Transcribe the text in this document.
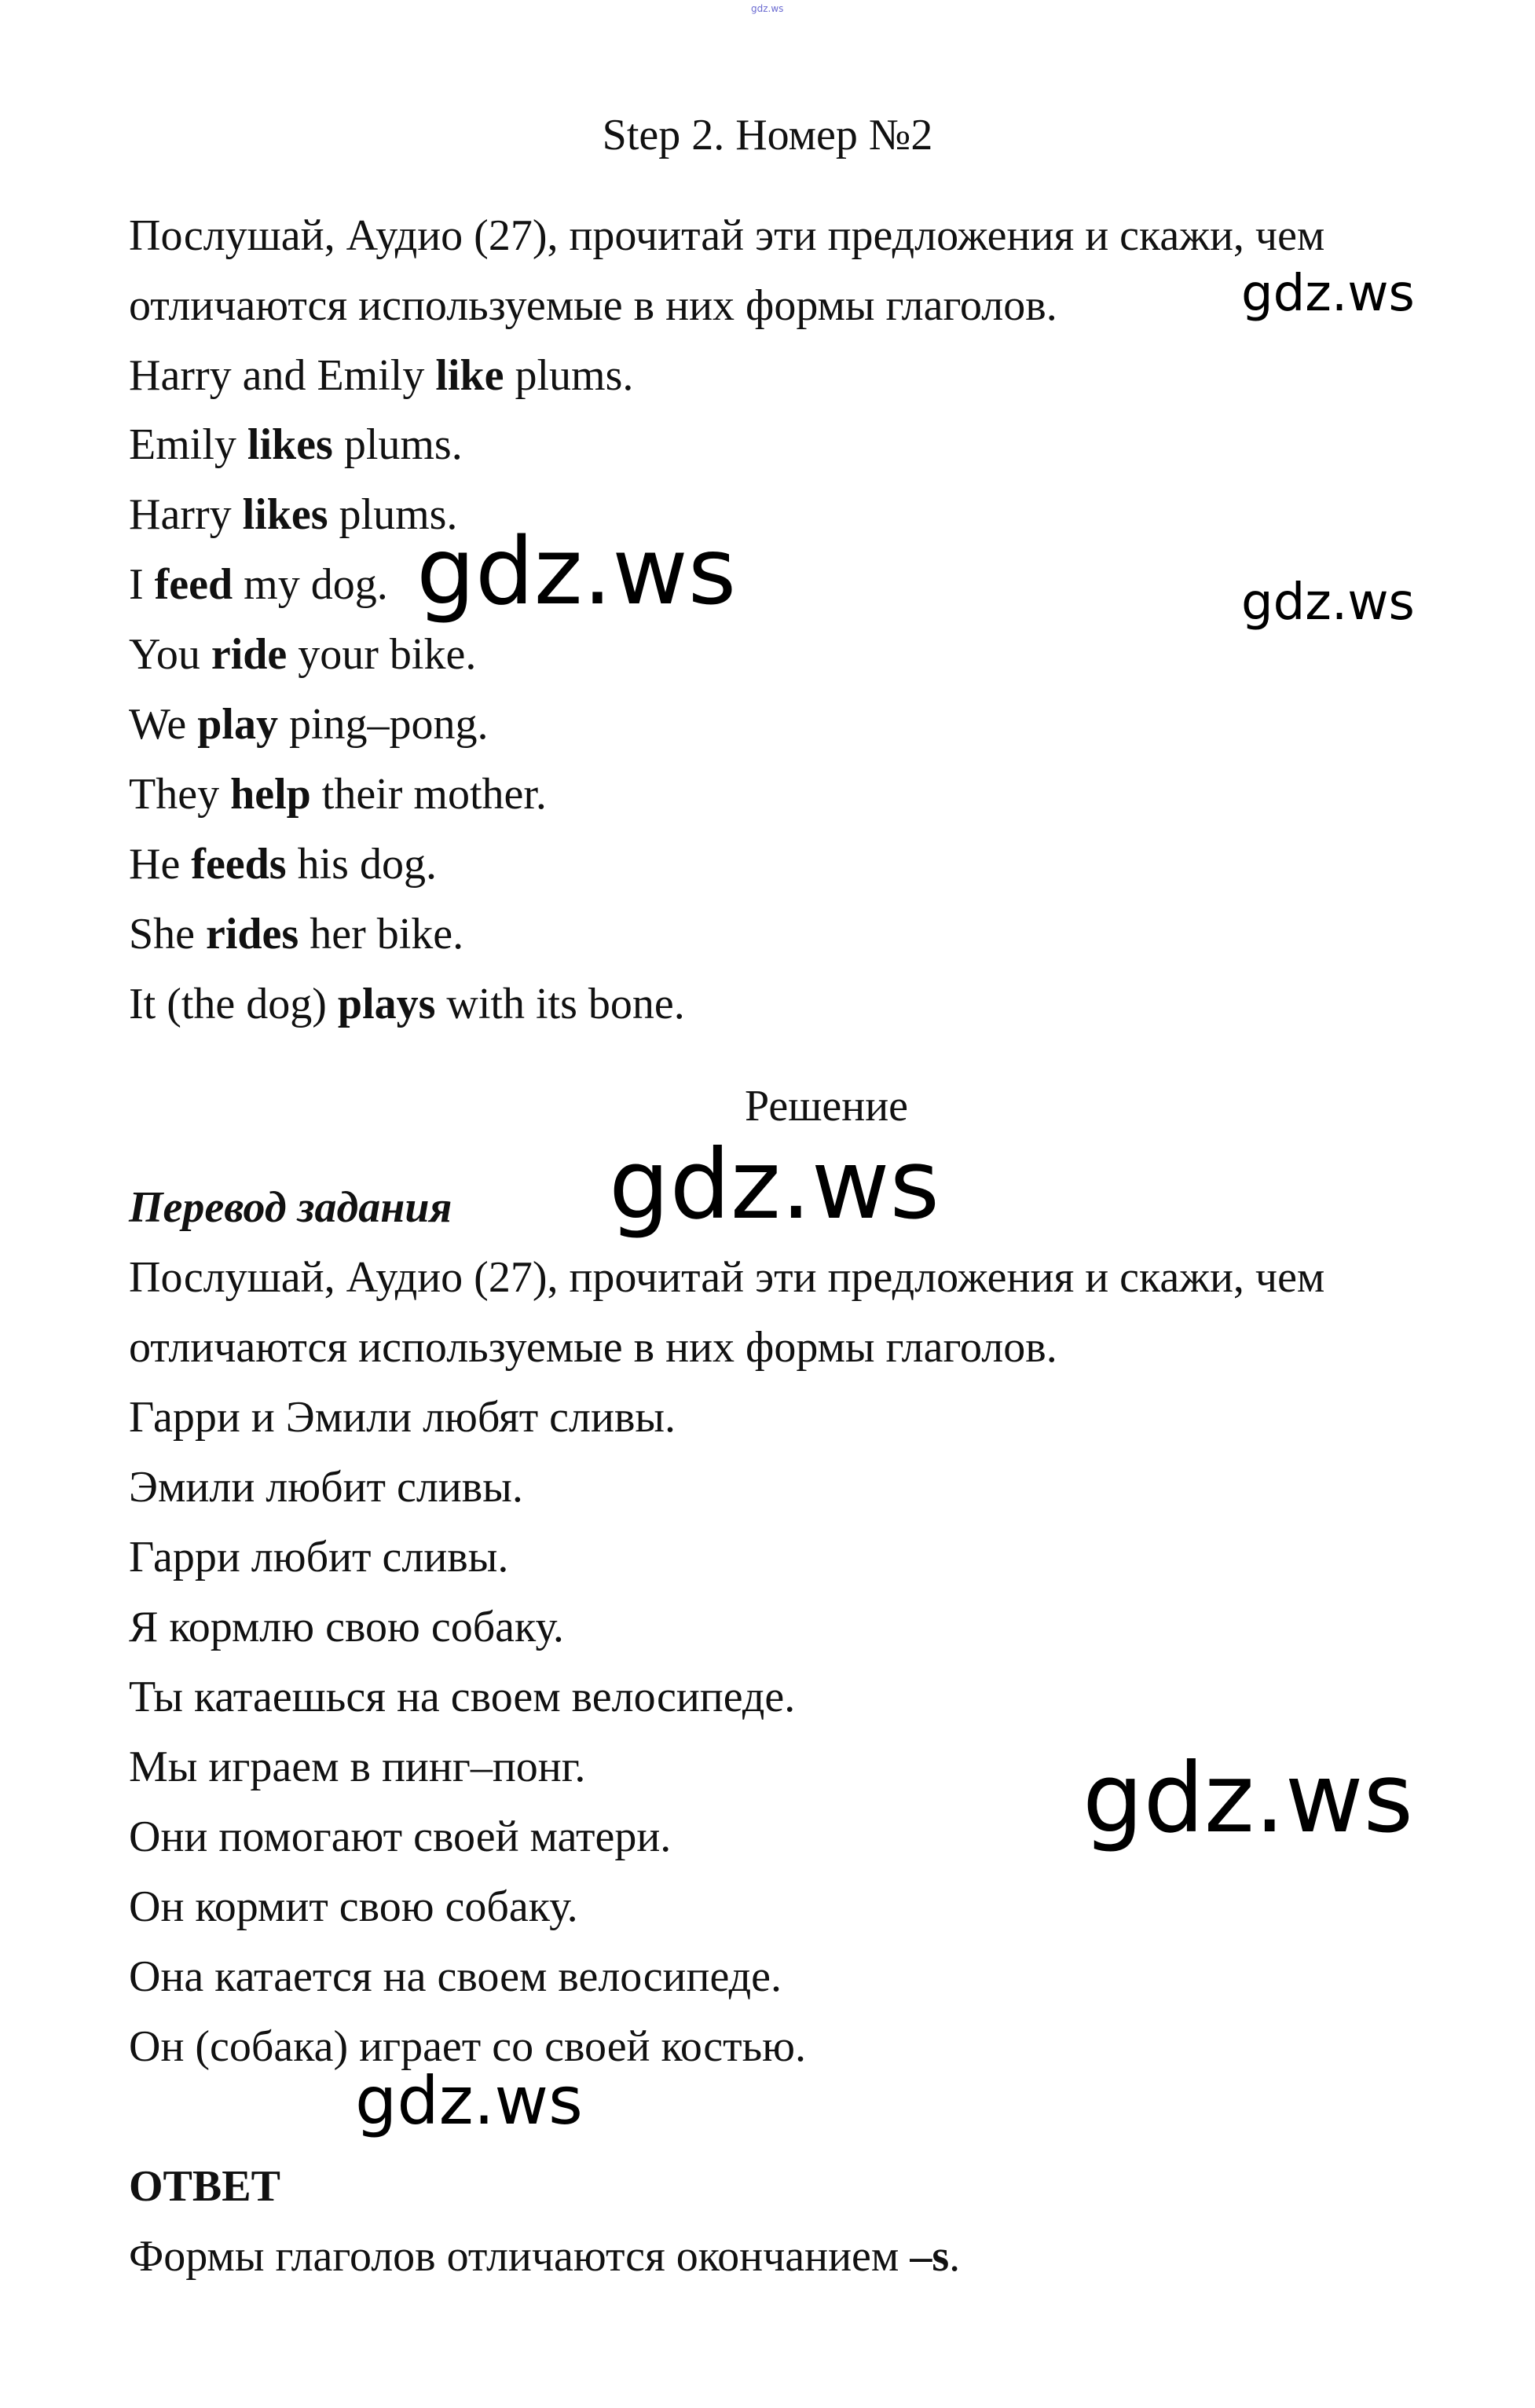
gdz.ws
Step 2. Номер №2
Послушай, Аудио (27), прочитай эти предложения и скажи, чем
отличаются используемые в них формы глаголов.
Harry and Emily like plums.
Emily likes plums.
Harry likes plums.
I feed my dog.
You ride your bike.
We play ping–pong.
They help their mother.
He feeds his dog.
She rides her bike.
It (the dog) plays with its bone.
Решение
Перевод задания
Послушай, Аудио (27), прочитай эти предложения и скажи, чем
отличаются используемые в них формы глаголов.
Гарри и Эмили любят сливы.
Эмили любит сливы.
Гарри любит сливы.
Я кормлю свою собаку.
Ты катаешься на своем велосипеде.
Мы играем в пинг–понг.
Они помогают своей матери.
Он кормит свою собаку.
Она катается на своем велосипеде.
Он (собака) играет со своей костью.
ОТВЕТ
Формы глаголов отличаются окончанием –s.
gdz.ws
gdz.ws	gdz.ws
gdz.ws
gdz.ws
gdz.ws
